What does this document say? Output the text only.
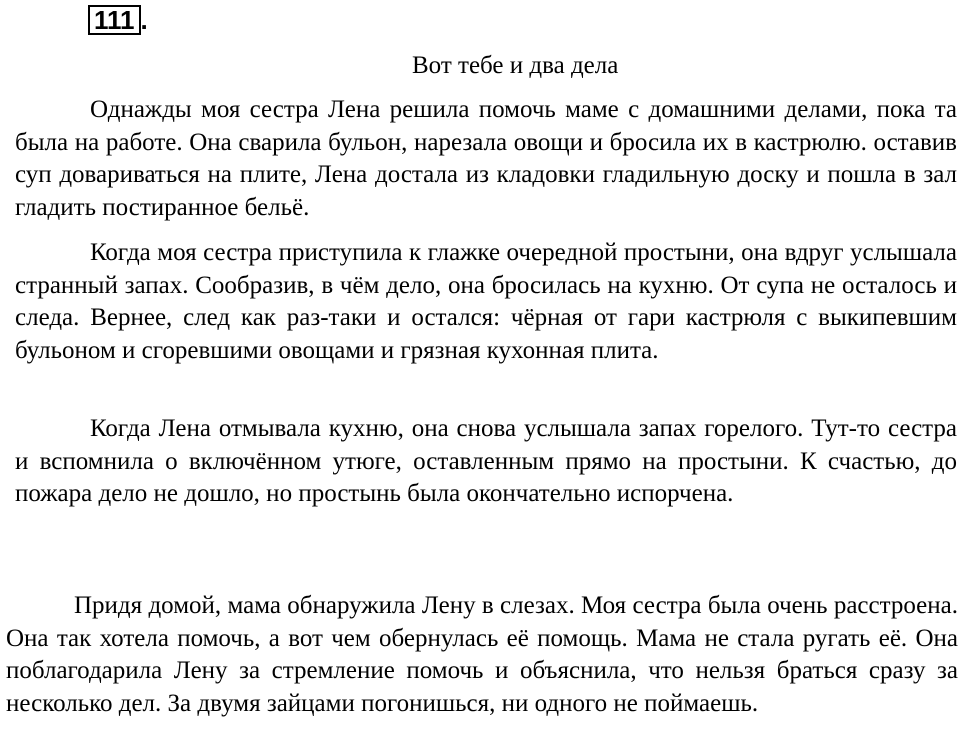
111 .
Вот тебе и два дела

Однажды моя сестра Лена решила помочь маме с домашними делами, пока та была на работе. Она сварила бульон, нарезала овощи и бросила их в кастрюлю. оставив суп довариваться на плите, Лена достала из кладовки гладильную доску и пошла в зал гладить постиранное бельё.

Когда моя сестра приступила к глажке очередной простыни, она вдруг услышала странный запах. Сообразив, в чём дело, она бросилась на кухню. От супа не осталось и следа. Вернее, след как раз-таки и остался: чёрная от гари кастрюля с выкипевшим бульоном и сгоревшими овощами и грязная кухонная плита.

Когда Лена отмывала кухню, она снова услышала запах горелого. Тут-то сестра и вспомнила о включённом утюге, оставленным прямо на простыни. К счастью, до пожара дело не дошло, но простынь была окончательно испорчена.

Придя домой, мама обнаружила Лену в слезах. Моя сестра была очень расстроена. Она так хотела помочь, а вот чем обернулась её помощь. Мама не стала ругать её. Она поблагодарила Лену за стремление помочь и объяснила, что нельзя браться сразу за несколько дел. За двумя зайцами погонишься, ни одного не поймаешь.
